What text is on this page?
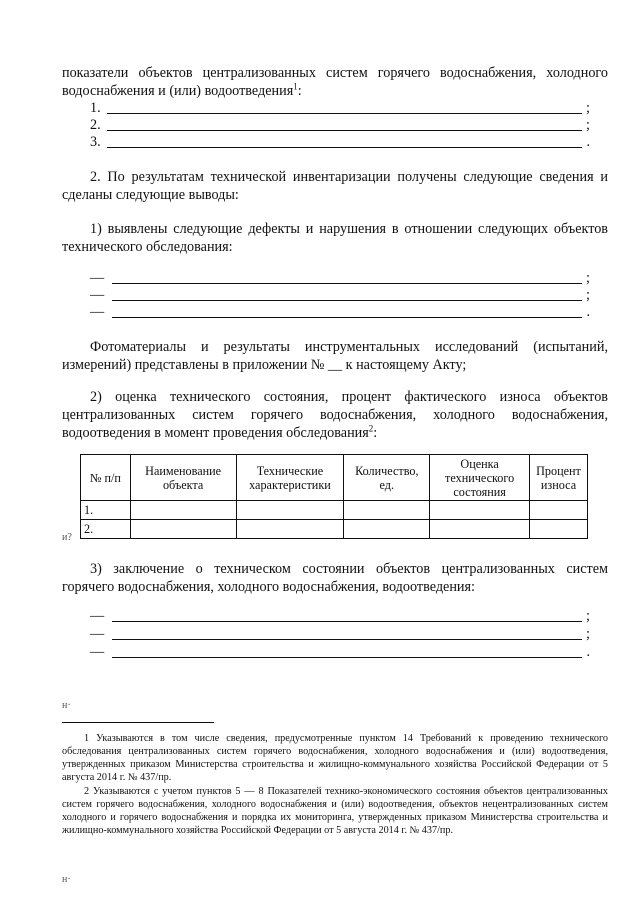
показатели объектов централизованных систем горячего водоснабжения, холодного водоснабжения и (или) водоотведения$^1$:
1.	;
2.	;
3.	.
2. По результатам технической инвентаризации получены следующие сведения и сделаны следующие выводы:
1) выявлены следующие дефекты и нарушения в отношении следующих объектов технического обследования:
—	;
—	;
—	.
Фотоматериалы и результаты инструментальных исследований (испытаний, измерений) представлены в приложении № __ к настоящему Акту;
2) оценка технического состояния, процент фактического износа объектов централизованных систем горячего водоснабжения, холодного водоснабжения, водоотведения в момент проведения обследования$^2$:
№ п/п	Наименование объекта	Технические характеристики	Количество, ед.	Оценка технического состояния	Процент износа
1.					
2.					
и?
3) заключение о техническом состоянии объектов централизованных систем горячего водоснабжения, холодного водоснабжения, водоотведения:
—	;
—	;
—	.
н·
1 Указываются в том числе сведения, предусмотренные пунктом 14 Требований к проведению технического обследования централизованных систем горячего водоснабжения, холодного водоснабжения и (или) водоотведения, утвержденных приказом Министерства строительства и жилищно-коммунального хозяйства Российской Федерации от 5 августа 2014 г. № 437/пр.
2 Указываются с учетом пунктов 5 — 8 Показателей технико-экономического состояния объектов централизованных систем горячего водоснабжения, холодного водоснабжения и (или) водоотведения, объектов нецентрализованных систем холодного и горячего водоснабжения и порядка их мониторинга, утвержденных приказом Министерства строительства и жилищно-коммунального хозяйства Российской Федерации от 5 августа 2014 г. № 437/пр.
н·
